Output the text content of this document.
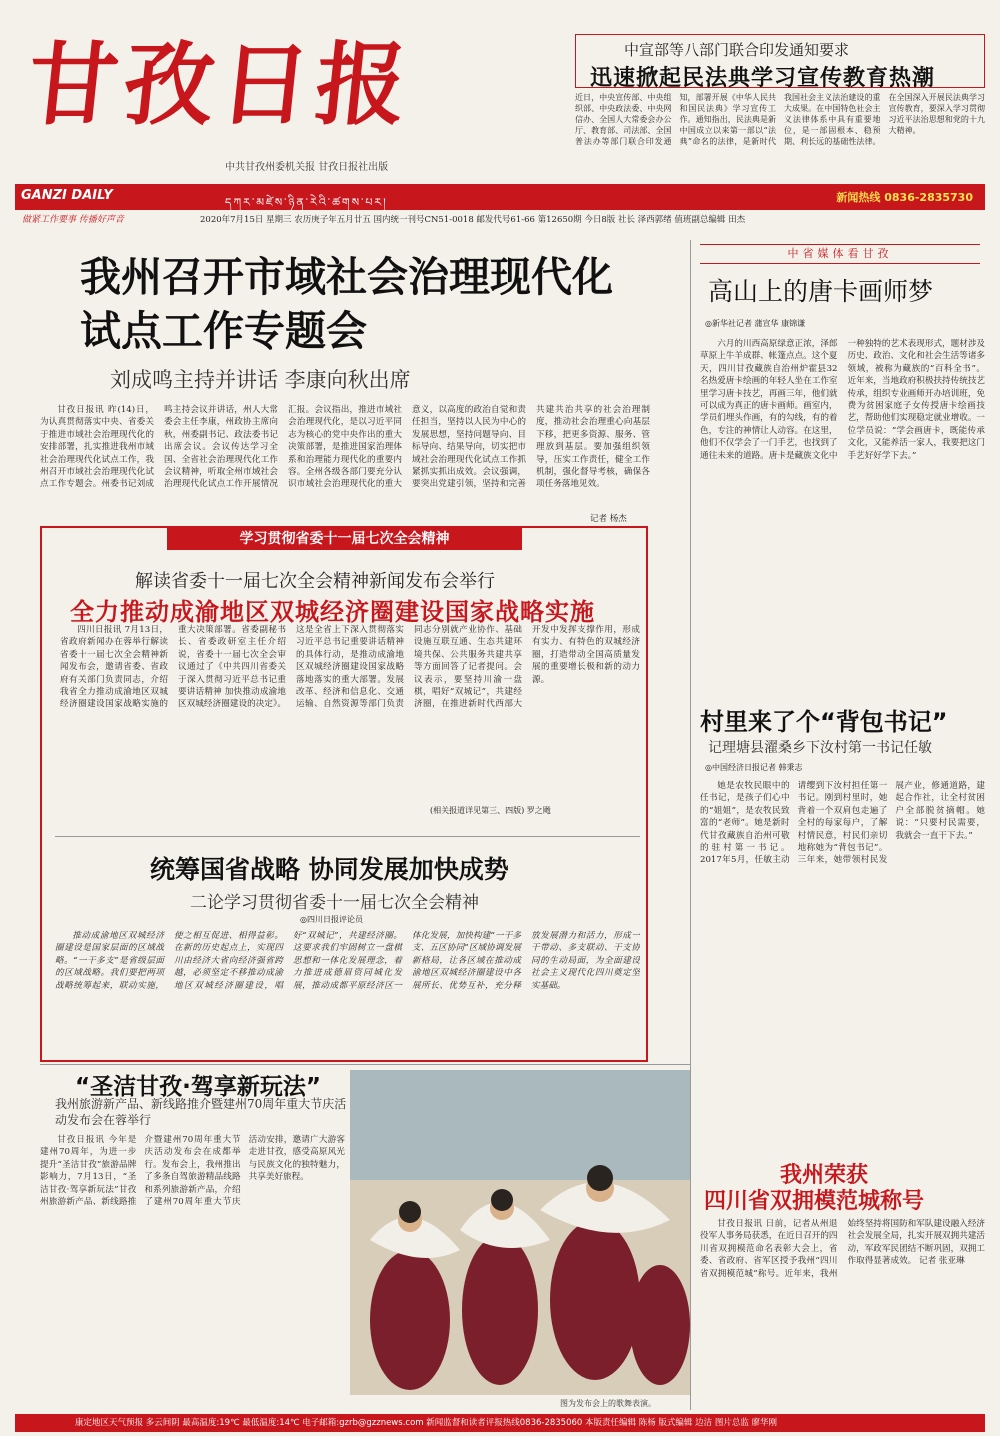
甘孜日报
中共甘孜州委机关报 甘孜日报社出版
中宣部等八部门联合印发通知要求
迅速掀起民法典学习宣传教育热潮
近日，中央宣传部、中央组织部、中央政法委、中央网信办、全国人大常委会办公厅、教育部、司法部、全国普法办等部门联合印发通知，部署开展《中华人民共和国民法典》学习宣传工作。通知指出，民法典是新中国成立以来第一部以“法典”命名的法律，是新时代我国社会主义法治建设的重大成果。在中国特色社会主义法律体系中具有重要地位，是一部固根本、稳预期、利长远的基础性法律。在全国深入开展民法典学习宣传教育，要深入学习贯彻习近平法治思想和党的十九大精神。
GANZI DAILY	དཀར་མཛེས་ཉིན་རེའི་ཚགས་པར།	新闻热线 0836-2835730
做紧工作要事 传播好声音	2020年7月15日 星期三 农历庚子年五月廿五 国内统一刊号CN51-0018 邮发代号61-66 第12650期 今日8版 社长 泽西郭绪 值班副总编辑 田杰
我州召开市域社会治理现代化试点工作专题会
刘成鸣主持并讲话 李康向秋出席

甘孜日报讯 昨(14)日，为认真贯彻落实中央、省委关于推进市域社会治理现代化的安排部署，扎实推进我州市域社会治理现代化试点工作，我州召开市域社会治理现代化试点工作专题会。州委书记刘成鸣主持会议并讲话，州人大常委会主任李康，州政协主席向秋，州委副书记、政法委书记出席会议。会议传达学习全国、全省社会治理现代化工作会议精神，听取全州市域社会治理现代化试点工作开展情况汇报。会议指出，推进市域社会治理现代化，是以习近平同志为核心的党中央作出的重大决策部署，是推进国家治理体系和治理能力现代化的重要内容。全州各级各部门要充分认识市域社会治理现代化的重大意义，以高度的政治自觉和责任担当，坚持以人民为中心的发展思想，坚持问题导向、目标导向、结果导向，切实把市域社会治理现代化试点工作抓紧抓实抓出成效。会议强调，要突出党建引领，坚持和完善共建共治共享的社会治理制度，推动社会治理重心向基层下移，把更多资源、服务、管理放到基层。要加强组织领导，压实工作责任，健全工作机制，强化督导考核，确保各项任务落地见效。

记者 杨杰
学习贯彻省委十一届七次全会精神
解读省委十一届七次全会精神新闻发布会举行
全力推动成渝地区双城经济圈建设国家战略实施

四川日报讯 7月13日，省政府新闻办在蓉举行解读省委十一届七次全会精神新闻发布会，邀请省委、省政府有关部门负责同志，介绍我省全力推动成渝地区双城经济圈建设国家战略实施的重大决策部署。省委副秘书长、省委政研室主任介绍说，省委十一届七次全会审议通过了《中共四川省委关于深入贯彻习近平总书记重要讲话精神 加快推动成渝地区双城经济圈建设的决定》。这是全省上下深入贯彻落实习近平总书记重要讲话精神的具体行动，是推动成渝地区双城经济圈建设国家战略落地落实的重大部署。发展改革、经济和信息化、交通运输、自然资源等部门负责同志分别就产业协作、基础设施互联互通、生态共建环境共保、公共服务共建共享等方面回答了记者提问。会议表示，要坚持川渝一盘棋，唱好“双城记”，共建经济圈，在推进新时代西部大开发中发挥支撑作用，形成有实力、有特色的双城经济圈，打造带动全国高质量发展的重要增长极和新的动力源。

(相关报道详见第三、四版) 罗之飏
统筹国省战略 协同发展加快成势
二论学习贯彻省委十一届七次全会精神
◎四川日报评论员

推动成渝地区双城经济圈建设是国家层面的区域战略。“一干多支”是省级层面的区域战略。我们要把两项战略统筹起来，联动实施，使之相互促进、相得益彰。在新的历史起点上，实现四川由经济大省向经济强省跨越，必须坚定不移推动成渝地区双城经济圈建设，唱好“双城记”，共建经济圈。这要求我们牢固树立一盘棋思想和一体化发展理念，着力推进成德眉资同城化发展，推动成都平原经济区一体化发展，加快构建“一干多支、五区协同”区域协调发展新格局，让各区域在推动成渝地区双城经济圈建设中各展所长、优势互补，充分释放发展潜力和活力，形成一干带动、多支联动、干支协同的生动局面，为全面建设社会主义现代化四川奠定坚实基础。

中省媒体看甘孜
高山上的唐卡画师梦
◎新华社记者 蒲宣华 康锦谦

六月的川西高原绿意正浓，泽郎草原上牛羊成群、帐篷点点。这个夏天，四川甘孜藏族自治州炉霍县32名热爱唐卡绘画的年轻人坐在工作室里学习唐卡技艺，再画三年，他们就可以成为真正的唐卡画师。画室内，学员们埋头作画，有的勾线，有的着色，专注的神情让人动容。在这里，他们不仅学会了一门手艺，也找到了通往未来的道路。唐卡是藏族文化中一种独特的艺术表现形式，题材涉及历史、政治、文化和社会生活等诸多领域，被称为藏族的“百科全书”。近年来，当地政府积极扶持传统技艺传承，组织专业画师开办培训班，免费为贫困家庭子女传授唐卡绘画技艺，帮助他们实现稳定就业增收。一位学员说：“学会画唐卡，既能传承文化，又能养活一家人，我要把这门手艺好好学下去。”

村里来了个“背包书记”
记理塘县濯桑乡下汝村第一书记任敏
◎中国经济日报记者 韩秉志

她是农牧民眼中的任书记，是孩子们心中的“姐姐”，是农牧民致富的“老师”。她是新时代甘孜藏族自治州可敬的驻村第一书记。2017年5月，任敏主动请缨到下汝村担任第一书记。刚到村里时，她背着一个双肩包走遍了全村的每家每户，了解村情民意，村民们亲切地称她为“背包书记”。三年来，她带领村民发展产业，修通道路，建起合作社，让全村贫困户全部脱贫摘帽。她说：“只要村民需要，我就会一直干下去。”

“圣洁甘孜·驾享新玩法”
我州旅游新产品、新线路推介暨建州70周年重大节庆活动发布会在蓉举行

甘孜日报讯 今年是建州70周年，为进一步提升“圣洁甘孜”旅游品牌影响力，7月13日，“圣洁甘孜·驾享新玩法”甘孜州旅游新产品、新线路推介暨建州70周年重大节庆活动发布会在成都举行。发布会上，我州推出了多条自驾旅游精品线路和系列旅游新产品，介绍了建州70周年重大节庆活动安排，邀请广大游客走进甘孜，感受高原风光与民族文化的独特魅力，共享美好旅程。

图为发布会上的歌舞表演。
我州荣获
四川省双拥模范城称号

甘孜日报讯 日前，记者从州退役军人事务局获悉，在近日召开的四川省双拥模范命名表彰大会上，省委、省政府、省军区授予我州“四川省双拥模范城”称号。近年来，我州始终坚持将国防和军队建设融入经济社会发展全局，扎实开展双拥共建活动，军政军民团结不断巩固，双拥工作取得显著成效。 记者 张亚琳

康定地区天气预报 多云间阴 最高温度:19℃ 最低温度:14℃ 电子邮箱:gzrb@gzznews.com 新闻监督和读者评报热线0836-2835060 本版责任编辑 陈杨 版式编辑 边洁 图片总监 廖华刚
